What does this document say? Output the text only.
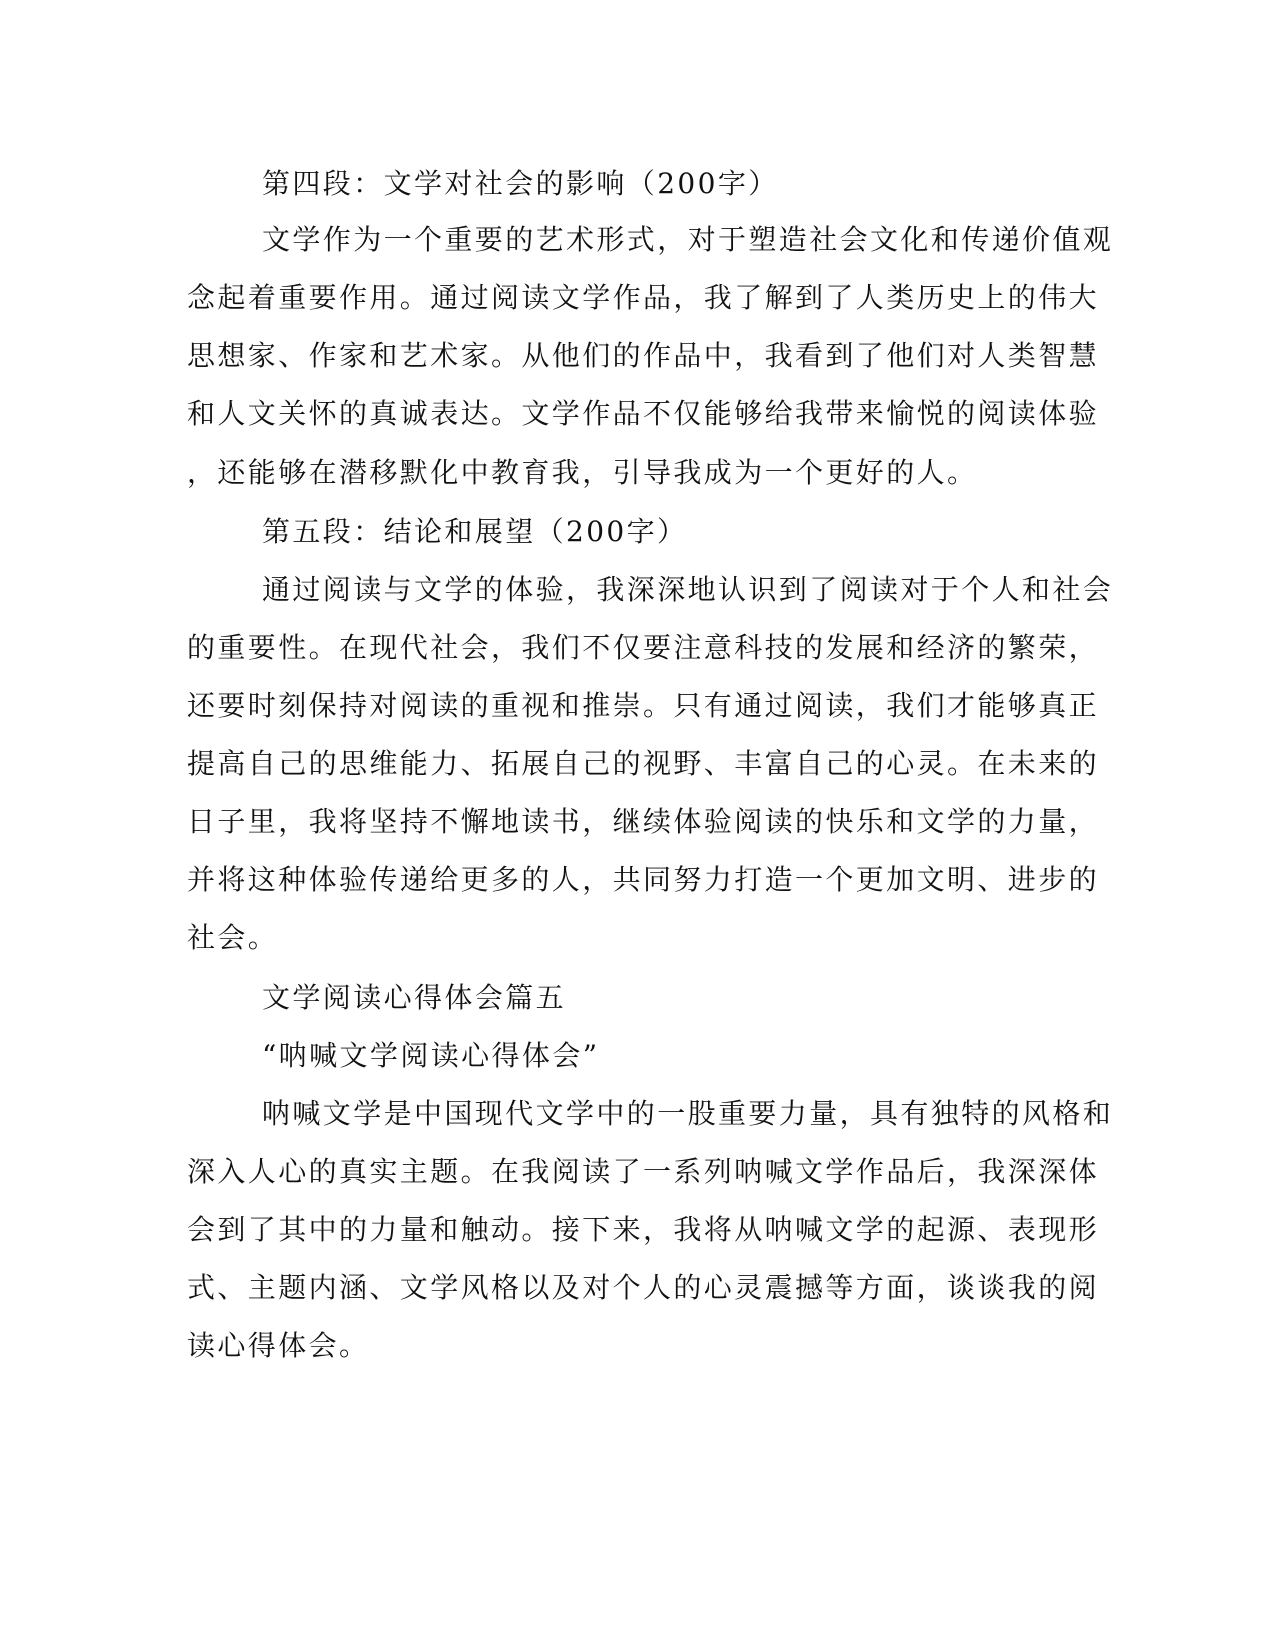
第四段：文学对社会的影响（200字）
文学作为一个重要的艺术形式，对于塑造社会文化和传递价值观
念起着重要作用。通过阅读文学作品，我了解到了人类历史上的伟大
思想家、作家和艺术家。从他们的作品中，我看到了他们对人类智慧
和人文关怀的真诚表达。文学作品不仅能够给我带来愉悦的阅读体验
，还能够在潜移默化中教育我，引导我成为一个更好的人。
第五段：结论和展望（200字）
通过阅读与文学的体验，我深深地认识到了阅读对于个人和社会
的重要性。在现代社会，我们不仅要注意科技的发展和经济的繁荣，
还要时刻保持对阅读的重视和推崇。只有通过阅读，我们才能够真正
提高自己的思维能力、拓展自己的视野、丰富自己的心灵。在未来的
日子里，我将坚持不懈地读书，继续体验阅读的快乐和文学的力量，
并将这种体验传递给更多的人，共同努力打造一个更加文明、进步的
社会。
文学阅读心得体会篇五
“呐喊文学阅读心得体会”
呐喊文学是中国现代文学中的一股重要力量，具有独特的风格和
深入人心的真实主题。在我阅读了一系列呐喊文学作品后，我深深体
会到了其中的力量和触动。接下来，我将从呐喊文学的起源、表现形
式、主题内涵、文学风格以及对个人的心灵震撼等方面，谈谈我的阅
读心得体会。
